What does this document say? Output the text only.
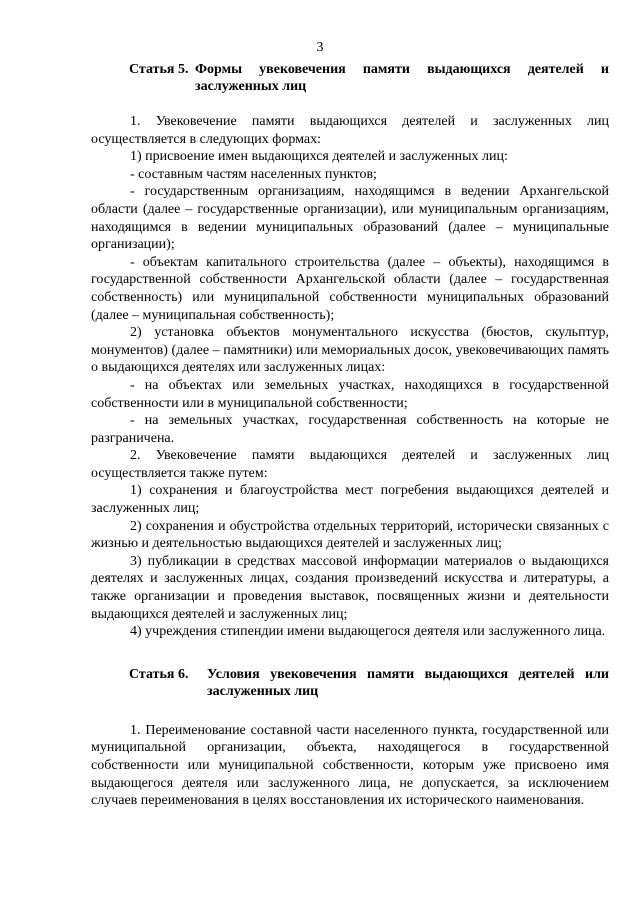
3
Статья 5. Формы увековечения памяти выдающихся деятелей и заслуженных лиц

1. Увековечение памяти выдающихся деятелей и заслуженных лиц осуществляется в следующих формах:

1) присвоение имен выдающихся деятелей и заслуженных лиц:

- составным частям населенных пунктов;

- государственным организациям, находящимся в ведении Архангельской области (далее – государственные организации), или муниципальным организациям, находящимся в ведении муниципальных образований (далее – муниципальные организации);

- объектам капитального строительства (далее – объекты), находящимся в государственной собственности Архангельской области (далее – государственная собственность) или муниципальной собственности муниципальных образований (далее – муниципальная собственность);

2) установка объектов монументального искусства (бюстов, скульптур, монументов) (далее – памятники) или мемориальных досок, увековечивающих память о выдающихся деятелях или заслуженных лицах:

- на объектах или земельных участках, находящихся в государственной собственности или в муниципальной собственности;

- на земельных участках, государственная собственность на которые не разграничена.

2. Увековечение памяти выдающихся деятелей и заслуженных лиц осуществляется также путем:

1) сохранения и благоустройства мест погребения выдающихся деятелей и заслуженных лиц;

2) сохранения и обустройства отдельных территорий, исторически связанных с жизнью и деятельностью выдающихся деятелей и заслуженных лиц;

3) публикации в средствах массовой информации материалов о выдающихся деятелях и заслуженных лицах, создания произведений искусства и литературы, а также организации и проведения выставок, посвященных жизни и деятельности выдающихся деятелей и заслуженных лиц;

4) учреждения стипендии имени выдающегося деятеля или заслуженного лица.

Статья 6.	Условия увековечения памяти выдающихся деятелей или заслуженных лиц

1. Переименование составной части населенного пункта, государственной или муниципальной организации, объекта, находящегося в государственной собственности или муниципальной собственности, которым уже присвоено имя выдающегося деятеля или заслуженного лица, не допускается, за исключением случаев переименования в целях восстановления их исторического наименования.
